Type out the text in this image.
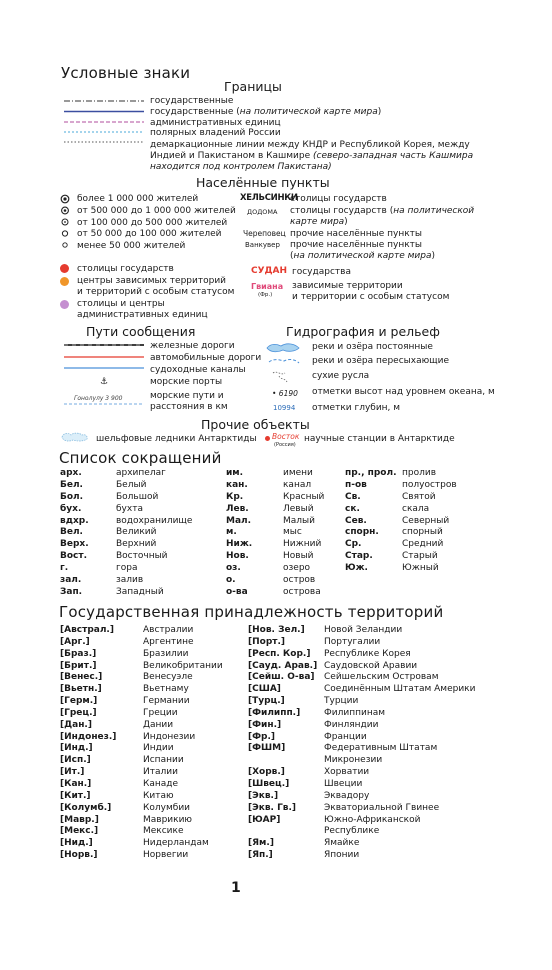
Условные знаки
Границы
государственные
государственные (на политической карте мира)
административных единиц
полярных владений России
демаркационные линии между КНДР и Республикой Корея, между
Индией и Пакистаном в Кашмире (северо-западная часть Кашмира
находится под контролем Пакистана)
Населённые пункты
более 1 000 000 жителей
от 500 000 до 1 000 000 жителей
от 100 000 до 500 000 жителей
от 50 000 до 100 000 жителей
менее 50 000 жителей
столицы государств
центры зависимых территорий
и территорий с особым статусом
столицы и центры
административных единиц
ХЕЛЬСИНКИ
столицы государств
ДОДОМА столицы государств (на политической
карте мира)
Череповец прочие населённые пункты
Ванкувер прочие населённые пункты
(на политической карте мира)
СУДАН государства
Гвиана
(Фр.)
зависимые территории
и территории с особым статусом
Пути сообщения
⚓
Гонолулу 3 900
железные дороги
автомобильные дороги
судоходные каналы
морские порты
морские пути и
расстояния в км
Гидрография и рельеф
реки и озёра постоянные
реки и озёра пересыхающие
сухие русла
• 6190 отметки высот над уровнем океана, м
10994 отметки глубин, м
Прочие объекты
шельфовые ледники Антарктиды Восток
(Россия)
научные станции в Антарктиде
Список сокращений
арх.
Бел.
Бол.
бух.
вдхр.
Вел.
Верх.
Вост.
г.
зал.
Зап.
архипелаг
Белый
Большой
бухта
водохранилище
Великий
Верхний
Восточный
гора
залив
Западный
им.
кан.
Кр.
Лев.
Мал.
м.
Ниж.
Нов.
оз.
о.
о-ва
имени
канал
Красный
Левый
Малый
мыс
Нижний
Новый
озеро
остров
острова
пр., прол.
п-ов
Св.
ск.
Сев.
спорн.
Ср.
Стар.
Юж.
пролив
полуостров
Святой
скала
Северный
спорный
Средний
Старый
Южный
Государственная принадлежность территорий
[Австрал.]
[Арг.]
[Браз.]
[Брит.]
[Венес.]
[Вьетн.]
[Герм.]
[Грец.]
[Дан.]
[Индонез.]
[Инд.]
[Исп.]
[Ит.]
[Кан.]
[Кит.]
[Колумб.]
[Мавр.]
[Мекс.]
[Нид.]
[Норв.]
Австралии
Аргентине
Бразилии
Великобритании
Венесуэле
Вьетнаму
Германии
Греции
Дании
Индонезии
Индии
Испании
Италии
Канаде
Китаю
Колумбии
Маврикию
Мексике
Нидерландам
Норвегии
[Нов. Зел.]
[Порт.]
[Респ. Кор.]
[Сауд. Арав.]
[Сейш. О-ва]
[США]
[Турц.]
[Филипп.]
[Фин.]
[Фр.]
[ФШМ]
[Хорв.]
[Швец.]
[Экв.]
[Экв. Гв.]
[ЮАР]
[Ям.]
[Яп.]
Новой Зеландии
Португалии
Республике Корея
Саудовской Аравии
Сейшельским Островам
Соединённым Штатам Америки
Турции
Филиппинам
Финляндии
Франции
Федеративным Штатам
Микронезии
Хорватии
Швеции
Эквадору
Экваториальной Гвинее
Южно-Африканской
Республике
Ямайке
Японии
1
